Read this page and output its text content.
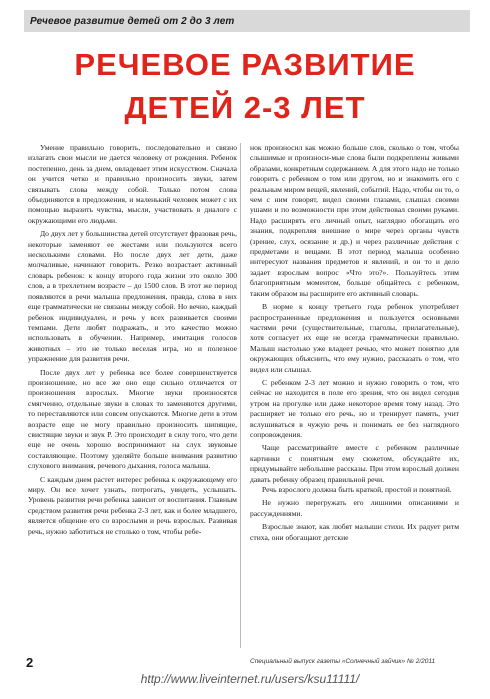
Речевое развитие детей от 2 до 3 лет
РЕЧЕВОЕ РАЗВИТИЕ
ДЕТЕЙ 2-3 ЛЕТ

Умение правильно говорить, последовательно и связно излагать свои мысли не дается человеку от рождения. Ребенок постепенно, день за днем, овладевает этим искусством. Сначала он учится четко и правильно произносить звуки, затем связывать слова между собой. Только потом слова объединяются в предложения, и маленький человек может с их помощью выразить чувства, мысли, участвовать в диалоге с окружающими его людьми.

До двух лет у большинства детей отсутствует фразовая речь, некоторые заменяют ее жестами или пользуются всего несколькими словами. Но после двух лет дети, даже молчаливые, начинают говорить. Резко возрастает активный словарь ребенок: к концу второго года жизни это около 300 слов, а в трехлетнем возрасте – до 1500 слов. В этот же период появляются в речи малыша предложения, правда, слова в них еще грамматически не связаны между собой. Но вечно, каждый ребенок индивидуален, и речь у всех развивается своими темпами. Дети любят подражать, и это качество можно использовать в обучении. Например, имитация голосов животных – это не только веселая игра, но и полезное упражнение для развития речи.

После двух лет у ребенка все более совершенствуется произношение, но все же оно еще сильно отличается от произношения взрослых. Многие звуки произносятся смягченно, отдельные звуки в словах то заменяются другими, то переставляются или совсем опускаются. Многие дети в этом возрасте еще не могу правильно произносить шипящие, свистящие звуки и звук Р. Это происходит в силу того, что дети еще не очень хорошо воспринимают на слух звуковые составляющие. Поэтому уделяйте больше внимания развитию слухового внимания, речевого дыхания, голоса малыша.

С каждым днем растет интерес ребенка к окружающему его миру. Он все хочет узнать, потрогать, увидеть, услышать. Уровень развития речи ребенка зависит от воспитания. Главным средством развития речи ребенка 2-3 лет, как и более младшего, является общение его со взрослыми и речь взрослых. Развивая речь, нужно заботиться не столько о том, чтобы ребе-

нок произносил как можно больше слов, сколько о том, чтобы слышимые и произноси-мые слова были подкреплены живыми образами, конкретным содержанием. А для этого надо не только говорить с ребенком о том или другом, но и знакомить его с реальным миром вещей, явлений, событий. Надо, чтобы он то, о чем с ним говорят, видел своими глазами, слышал своими ушами и по возможности при этом действовал своими руками. Надо расширять его личный опыт, наглядно обогащать его знания, подкрепляя внешние о мире через органы чувств (зрение, слух, осязание и др.) и через различные действия с предметами и вещами. В этот период малыша особенно интересуют названия предметов и явлений, и он то и дело задает взрослым вопрос «Что это?». Пользуйтесь этим благоприятным моментом, больше общайтесь с ребенком, таким образом вы расширите его активный словарь.

В норме к концу третьего года ребенок употребляет распространенные предложения и пользуется основными частями речи (существительные, глаголы, прилагательные), хотя согласует их еще не всегда грамматически правильно. Малыш настолько уже владеет речью, что может понятно для окружающих объяснить, что ему нужно, рассказать о том, что видел или слышал.

С ребенком 2-3 лет можно и нужно говорить о том, что сейчас не находится в поле его зрения, что он видел сегодня утром на прогулке или даже некоторое время тому назад. Это расширяет не только его речь, но и тренирует память, учит вслушиваться в чужую речь и понимать ее без наглядного сопровождения.

Чаще рассматривайте вместе с ребенком различные картинки с понятным ему сюжетом, обсуждайте их, придумывайте небольшие рассказы. При этом взрослый должен давать ребенку образец правильной речи.

Речь взрослого должна быть краткой, простой и понятной.

Не нужно перегружать его лишними описаниями и рассуждениями.

Взрослые знают, как любят малыши стихи. Их радует ритм стиха, они обогащают детские

2	Специальный выпуск газеты «Солнечный зайчик» № 2/2011
http://www.liveinternet.ru/users/ksu11111/
